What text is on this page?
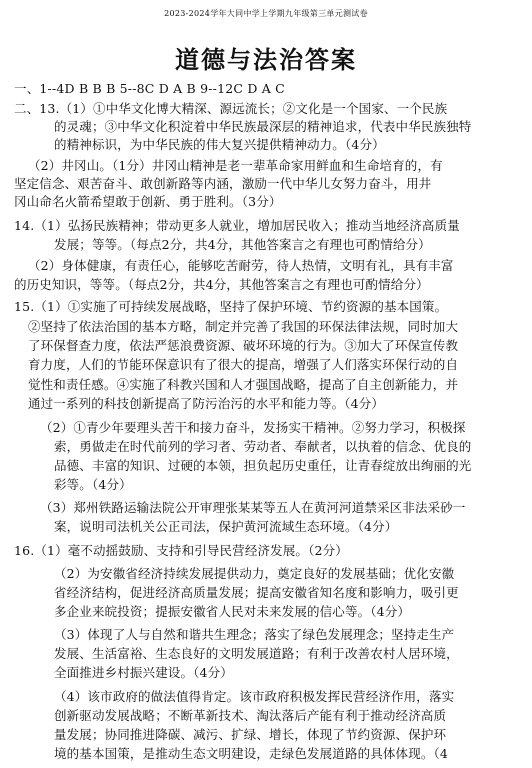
2023-2024学年大同中学上学期九年级第三单元测试卷
道德与法治答案
一、1--4D B B B 5--8C D A B 9--12C D A C
二、13.（1）①中华文化博大精深、源远流长；②文化是一个国家、一个民族
的灵魂；③中华文化积淀着中华民族最深层的精神追求，代表中华民族独特
的精神标识，为中华民族的伟大复兴提供精神动力。（4分）
（2）井冈山。（1分）井冈山精神是老一辈革命家用鲜血和生命培育的，有
坚定信念、艰苦奋斗、敢创新路等内涵，激励一代中华儿女努力奋斗，用井
冈山命名火箭希望敢于创新、勇于胜利。（3分）
14.（1）弘扬民族精神；带动更多人就业，增加居民收入；推动当地经济高质量
发展；等等。（每点2分，共4分，其他答案言之有理也可酌情给分）
（2）身体健康，有责任心，能够吃苦耐劳，待人热情，文明有礼，具有丰富
的历史知识，等等。（每点2分，共4分，其他答案言之有理也可酌情给分）
15.（1）①实施了可持续发展战略，坚持了保护环境、节约资源的基本国策。
②坚持了依法治国的基本方略，制定并完善了我国的环保法律法规，同时加大
了环保督查力度，依法严惩浪费资源、破坏环境的行为。③加大了环保宣传教
育力度，人们的节能环保意识有了很大的提高，增强了人们落实环保行动的自
觉性和责任感。④实施了科教兴国和人才强国战略，提高了自主创新能力，并
通过一系列的科技创新提高了防污治污的水平和能力等。（4分）
（2）①青少年要理头苦干和接力奋斗，发扬实干精神。②努力学习，积极探
索，勇做走在时代前列的学习者、劳动者、奉献者，以执着的信念、优良的
品德、丰富的知识、过硬的本领，担负起历史重任，让青春绽放出绚丽的光
彩等。（4分）
（3）郑州铁路运输法院公开审理张某某等五人在黄河河道禁采区非法采砂一
案，说明司法机关公正司法，保护黄河流域生态环境。（4分）
16.（1）毫不动摇鼓励、支持和引导民营经济发展。（2分）
（2）为安徽省经济持续发展提供动力，奠定良好的发展基础；优化安徽
省经济结构，促进经济高质量发展；提高安徽省知名度和影响力，吸引更
多企业来皖投资；提振安徽省人民对未来发展的信心等。（4分）
（3）体现了人与自然和谐共生理念；落实了绿色发展理念；坚持走生产
发展、生活富裕、生态良好的文明发展道路；有利于改善农村人居环境，
全面推进乡村振兴建设。（4分）
（4）该市政府的做法值得肯定。该市政府积极发挥民营经济作用，落实
创新驱动发展战略；不断革新技术、淘汰落后产能有利于推动经济高质
量发展；协同推进降碳、减污、扩绿、增长，体现了节约资源、保护环
境的基本国策，是推动生态文明建设，走绿色发展道路的具体体现。（4
